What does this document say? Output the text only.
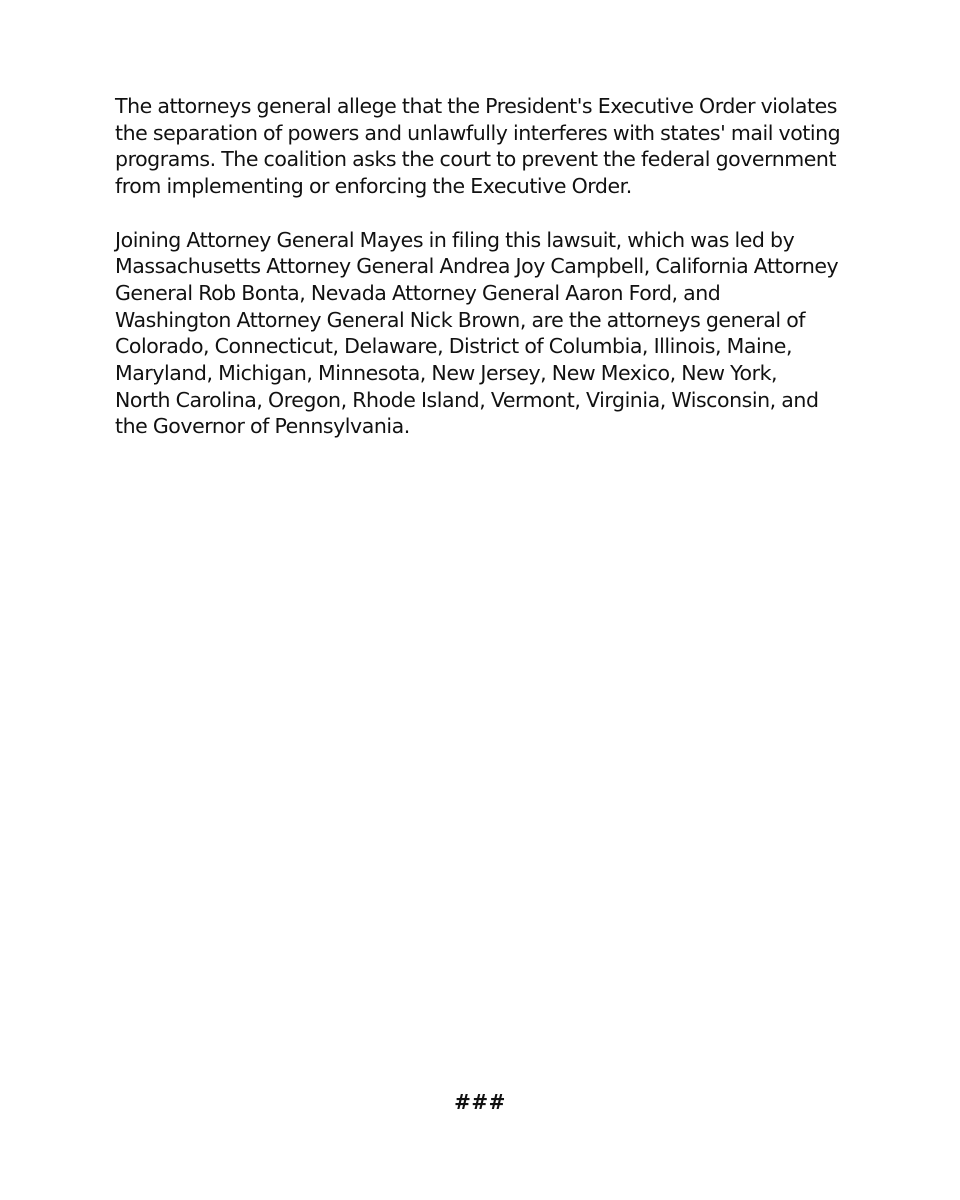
The attorneys general allege that the President's Executive Order violates
the separation of powers and unlawfully interferes with states' mail voting
programs. The coalition asks the court to prevent the federal government
from implementing or enforcing the Executive Order.

Joining Attorney General Mayes in filing this lawsuit, which was led by
Massachusetts Attorney General Andrea Joy Campbell, California Attorney
General Rob Bonta, Nevada Attorney General Aaron Ford, and
Washington Attorney General Nick Brown, are the attorneys general of
Colorado, Connecticut, Delaware, District of Columbia, Illinois, Maine,
Maryland, Michigan, Minnesota, New Jersey, New Mexico, New York,
North Carolina, Oregon, Rhode Island, Vermont, Virginia, Wisconsin, and
the Governor of Pennsylvania.

###
